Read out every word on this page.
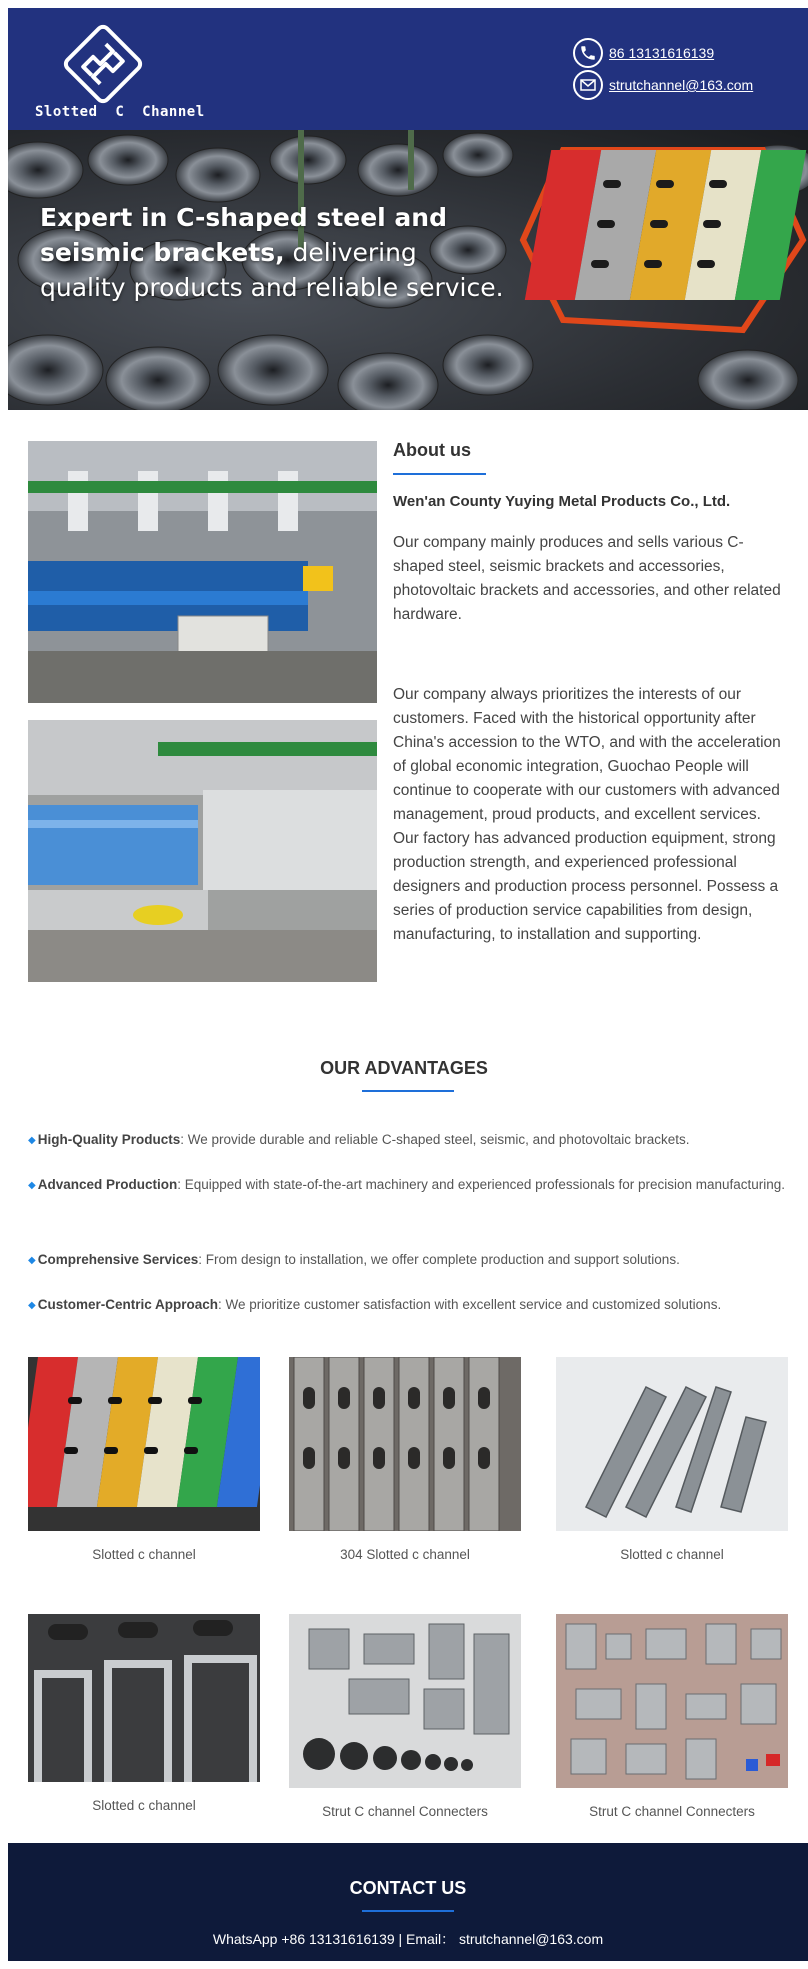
Slotted  C  Channel
86 13131616139
strutchannel@163.com
Expert in C-shaped steel and seismic brackets, delivering quality products and reliable service.
About us
Wen'an County Yuying Metal Products Co., Ltd.
Our company mainly produces and sells various C-shaped steel, seismic brackets and accessories, photovoltaic brackets and accessories, and other related hardware.
Our company always prioritizes the interests of our customers. Faced with the historical opportunity after China's accession to the WTO, and with the acceleration of global economic integration, Guochao People will continue to cooperate with our customers with advanced management, proud products, and excellent services. Our factory has advanced production equipment, strong production strength, and experienced professional designers and production process personnel. Possess a series of production service capabilities from design, manufacturing, to installation and supporting.
OUR ADVANTAGES
◆ High-Quality Products: We provide durable and reliable C-shaped steel, seismic, and photovoltaic brackets.
◆ Advanced Production: Equipped with state-of-the-art machinery and experienced professionals for precision manufacturing.
◆ Comprehensive Services: From design to installation, we offer complete production and support solutions.
◆ Customer-Centric Approach: We prioritize customer satisfaction with excellent service and customized solutions.
Slotted c channel	304 Slotted c channel	Slotted c channel
Slotted c channel	Strut C channel Connecters	Strut C channel Connecters
CONTACT US
WhatsApp +86 13131616139 | Email： strutchannel@163.com
